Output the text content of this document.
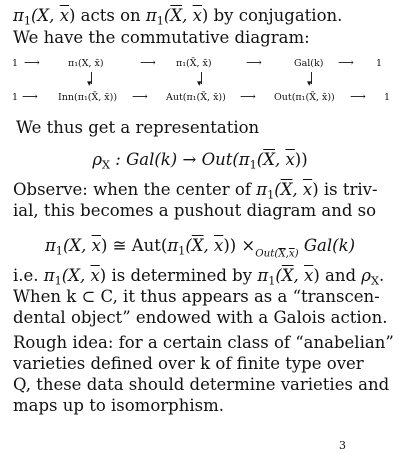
$\pi_1(X$, $\overline{x}$) acts on $\pi_1(\overline{X}$, $\overline{x}$) by conjugation.
We have the commutative diagram:
1 ⟶	π₁(X, x̄)	⟶ π₁(X̄, x̄)	⟶	Gal(k) ⟶ 1
▾	▾	▾
1 ⟶ Inn(π₁(X̄, x̄)) ⟶ Aut(π₁(X̄, x̄)) ⟶ Out(π₁(X̄, x̄)) ⟶ 1
We thus get a representation
$\rho_X$ : $Gal(k) \to Out(\pi_1(\overline{X}$, $\overline{x}$))
Observe: when the center of $\pi_1(\overline{X}$, $\overline{x}$) is triv-
ial, this becomes a pushout diagram and so
$\pi_1(X$, $\overline{x}$) ≅ $Aut(\pi_1(\overline{X}$, $\overline{x})) \times_{Out(\overline{X},\overline{x})}$ Gal(k)
i.e. $\pi_1(X$, $\overline{x}$) is determined by $\pi_1(\overline{X}$, $\overline{x}$) and $\rho_X$.
When k ⊂ C, it thus appears as a “transcen-
dental object” endowed with a Galois action.
Rough idea: for a certain class of “anabelian”
varieties defined over k of finite type over
Q, these data should determine varieties and
maps up to isomorphism.
3
